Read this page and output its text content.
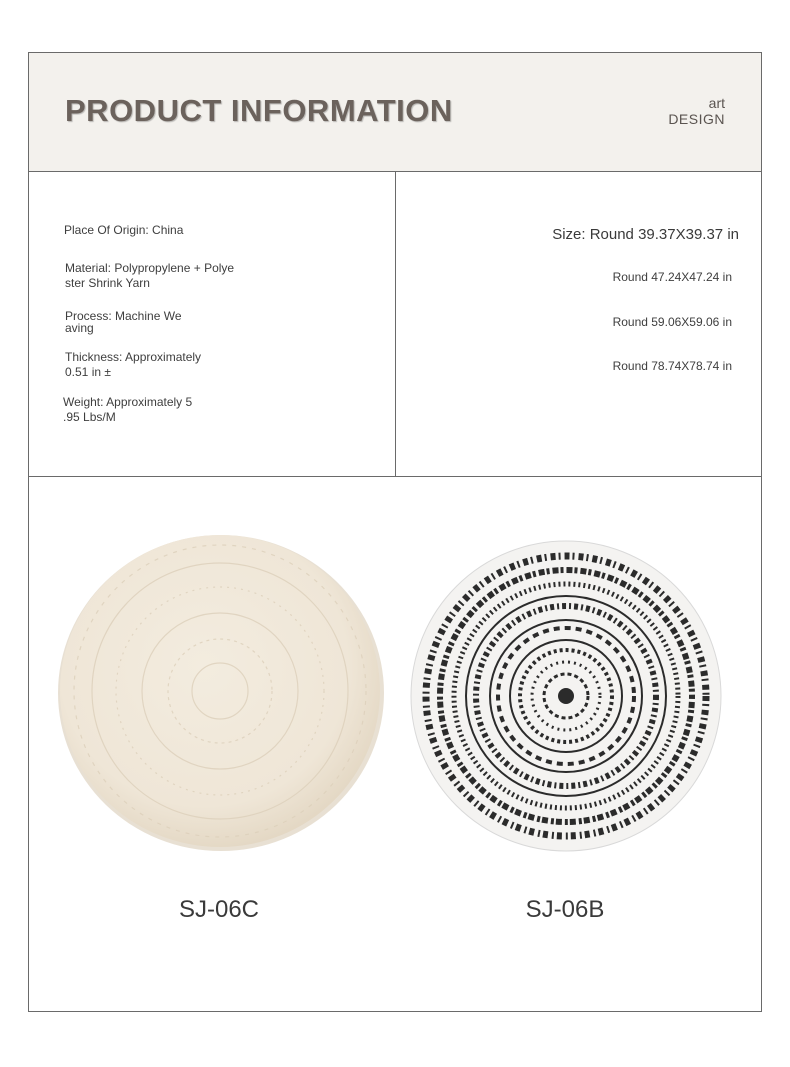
PRODUCT INFORMATION	art
DESIGN
Place Of Origin: China
Material: Polypropylene + Polye
ster Shrink Yarn
Process: Machine We
aving
Thickness: Approximately
0.51 in ±
Weight: Approximately 5
.95 Lbs/M
Size: Round 39.37X39.37 in
Round 47.24X47.24 in
Round 59.06X59.06 in
Round 78.74X78.74 in
SJ-06C	SJ-06B
